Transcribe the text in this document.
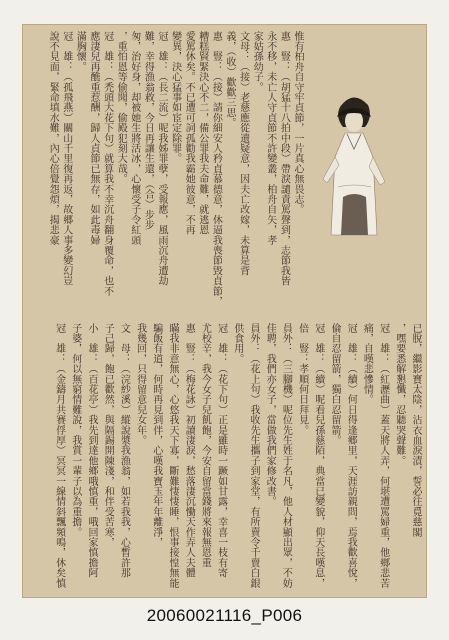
惟有柏舟自守牢貞節，一片真心無畏志。
惠　豎：（胡猛十八拍中段）帶淚譴責罵聲到，志節我皆
永不移，未亡人守貞節不許變叢，柏舟自矢，孝
家姑孫幼子。
文母：（接）老慈應從遺疑意，因夫亡改嫁，未算是背
義，（收）歡歡三思。
惠　豎：（接）請你細安人矜貞慕德意，休逼我喪節毀貞節，
糟糕賢緊決心不二，備公罪我夫命難，就逃恩
愛罵休矣。不已遭可詞孤勸我霸她彼意，不再
變異，決心猛事如宦定除罪。
冠　雄：（長二流）呢我姊罪孽，受報應，風雨沉舟遭劫
難，幸得漁翁救，今日再讓生還，（合）步步
匆，治好身，却被她生將活冰，心懷受子令紅頭
，重怕恩等偷聞，偷殿犯刻大哉。
冠　雄：（禿頭大花下句）就算我不幸沉舟翻身覆命，也不
應淒兒再醮重惹酬，歸人貞節已無存，如此毒婦
滿胸懷。
冠　雄：（孤飛燕）關山千里復再返，故郷人事多變幻豈
說不見面，緊命填水難，內心倍覺怨煩，揭悲豪
已脫，繼影寶太陰，沾衣血淚漬，誓必往覓慈閣
，嘿要悉解懇懺，忍聽哭聲難。
冠　雄：（紅瀝曲）蓋天將人弄，何堪遭罵婦重，他鄉悲苦
痛，自嘆悲慘情。
冠　雄：（續）何日得逢郷里，天涯訪親問，焉我歡喜悅，
倫自忍留箭，獨白忍留箭。
冠　雄：（續）呢看兒孫慈陌，典當已變貌，仰天長嘆息，
倍　豎：孝順何日拜見。
員外：（三腳機）呢位先生姓于名凡，他人材顯出眾，不妨
佳聘，我們亦女子，當做我們家修改書。
員外：（花上句）我收先生攜子到家堂，有所賣令千賣白銀
供食用。
冠　雄：（花下句）正是雖時一蹶如甘露，幸喜一枝有寄
尤校辛，我今女子兒飢飽，今安自留當錢將來報無恩重
惠　豎：（梅花詠）初讀淒淚，愁落淒沉慟天作弄人夫體
瞞我非意無心，心悠我天下寡，斷難悽悽睡，恨事接惶無能
騙飯有道，何時再見到伴，心嘆我寶玉年年離淨，
我幾回，只得留意兒女年。
文　母：（浣紗溪）縱說漿我漁翁，如若我我，心暫許那
子己歸，飽已歡然，與隔錫開陳淺，和伴受苦寒，
小　雄：（百花亭）我先到達他鄉哦慎重，哦回家慎擔阿
子婆，何以無窮情難說，我賞一輩子以為重擔。
冠　雄：（金鑄月共賽俘厚）冥冥一線情斜飄頻鳴，休矣慎
20060021116_P006
